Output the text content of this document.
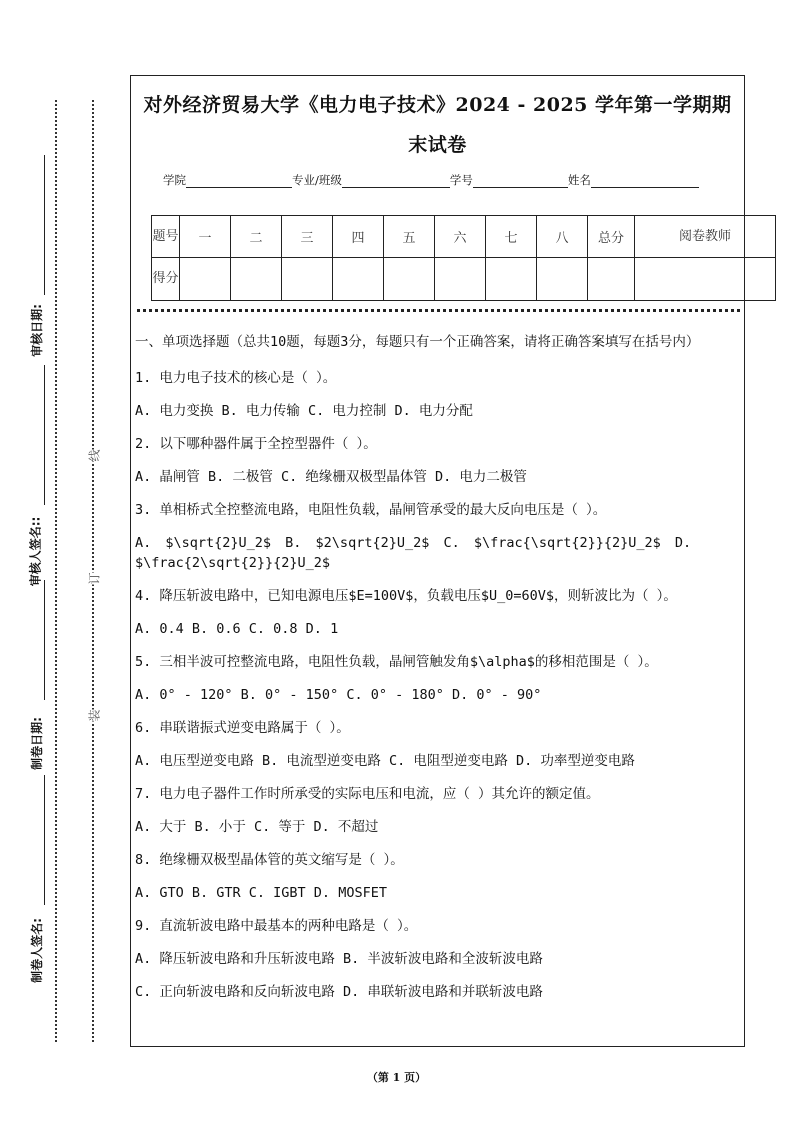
审核日期:
审核人签名::
制卷日期:
制卷人签名:
线
订
装
对外经济贸易大学《电力电子技术》2024 - 2025 学年第一学期期
末试卷
学院	专业/班级	学号	姓名
题号	一	二	三	四	五	六	七	八	总分	阅卷教师
得分										
一、单项选择题（总共10题，每题3分，每题只有一个正确答案，请将正确答案填写在括号内）
1. 电力电子技术的核心是（ ）。
A. 电力变换 B. 电力传输 C. 电力控制 D. 电力分配
2. 以下哪种器件属于全控型器件（ ）。
A. 晶闸管 B. 二极管 C. 绝缘栅双极型晶体管 D. 电力二极管
3. 单相桥式全控整流电路，电阻性负载，晶闸管承受的最大反向电压是（ ）。
A. $\sqrt{2}U_2$ B. $2\sqrt{2}U_2$ C. $\frac{\sqrt{2}}{2}U_2$ D. $\frac{2\sqrt{2}}{2}U_2$
4. 降压斩波电路中，已知电源电压$E=100V$，负载电压$U_0=60V$，则斩波比为（ ）。
A. 0.4 B. 0.6 C. 0.8 D. 1
5. 三相半波可控整流电路，电阻性负载，晶闸管触发角$\alpha$的移相范围是（ ）。
A. 0° - 120° B. 0° - 150° C. 0° - 180° D. 0° - 90°
6. 串联谐振式逆变电路属于（ ）。
A. 电压型逆变电路 B. 电流型逆变电路 C. 电阻型逆变电路 D. 功率型逆变电路
7. 电力电子器件工作时所承受的实际电压和电流，应（ ）其允许的额定值。
A. 大于 B. 小于 C. 等于 D. 不超过
8. 绝缘栅双极型晶体管的英文缩写是（ ）。
A. GTO B. GTR C. IGBT D. MOSFET
9. 直流斩波电路中最基本的两种电路是（ ）。
A. 降压斩波电路和升压斩波电路 B. 半波斩波电路和全波斩波电路
C. 正向斩波电路和反向斩波电路 D. 串联斩波电路和并联斩波电路
（第 1 页）
